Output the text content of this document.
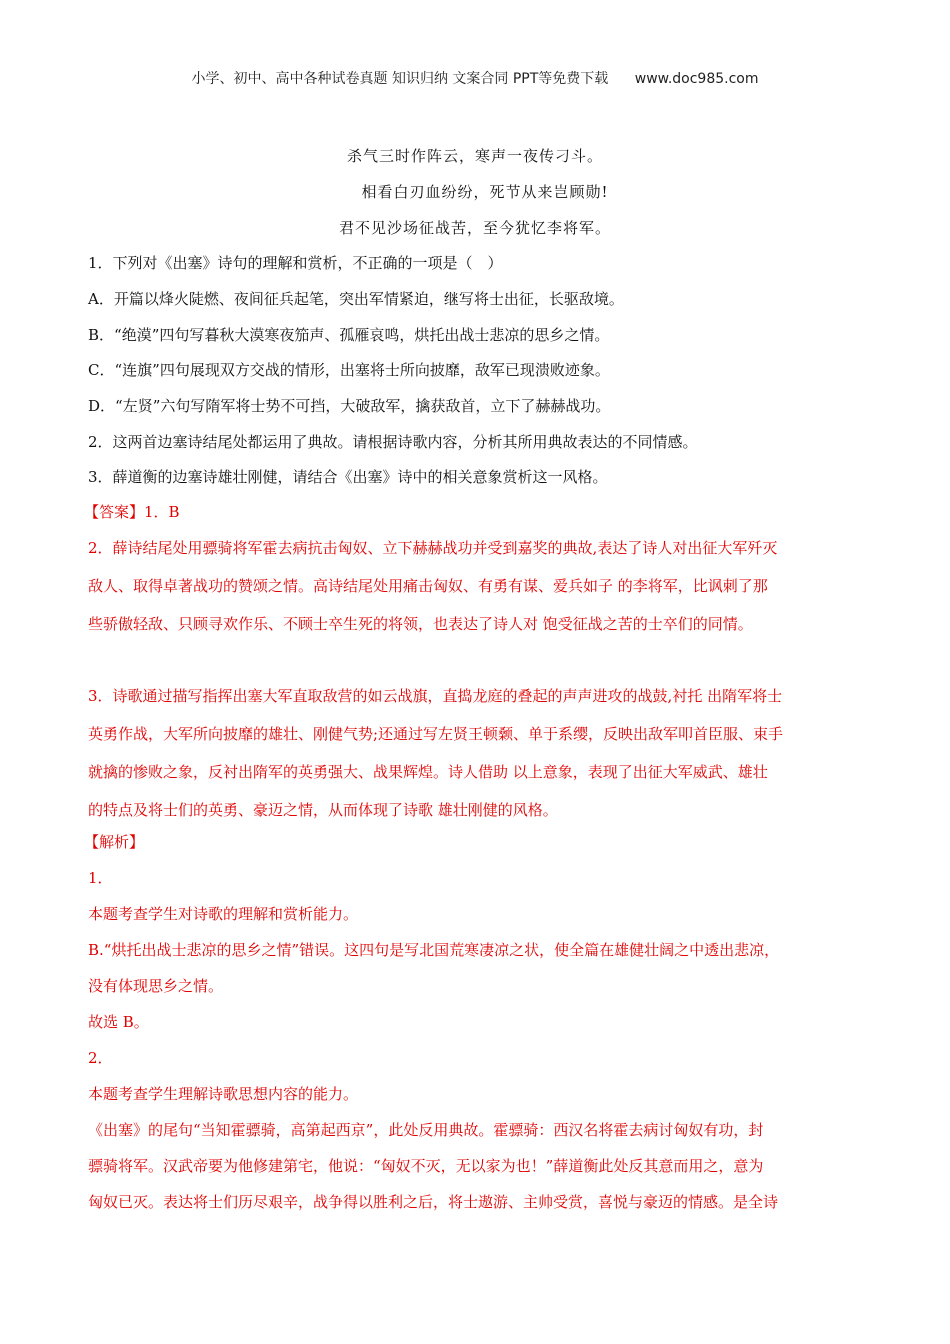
小学、初中、高中各种试卷真题 知识归纳 文案合同 PPT等免费下载 www.doc985.com
杀气三时作阵云，寒声一夜传刁斗。
相看白刃血纷纷，死节从来岂顾勋!
君不见沙场征战苦，至今犹忆李将军。
1．下列对《出塞》诗句的理解和赏析，不正确的一项是（　）
A．开篇以烽火陡燃、夜间征兵起笔，突出军情紧迫，继写将士出征，长驱敌境。
B．“绝漠”四句写暮秋大漠寒夜笳声、孤雁哀鸣，烘托出战士悲凉的思乡之情。
C．“连旗”四句展现双方交战的情形，出塞将士所向披靡，敌军已现溃败迹象。
D．“左贤”六句写隋军将士势不可挡，大破敌军，擒获敌首，立下了赫赫战功。
2．这两首边塞诗结尾处都运用了典故。请根据诗歌内容，分析其所用典故表达的不同情感。
3．薛道衡的边塞诗雄壮刚健，请结合《出塞》诗中的相关意象赏析这一风格。
【答案】1．B
2．薛诗结尾处用骠骑将军霍去病抗击匈奴、立下赫赫战功并受到嘉奖的典故,表达了诗人对出征大军歼灭
敌人、取得卓著战功的赞颂之情。高诗结尾处用痛击匈奴、有勇有谋、爱兵如子 的李将军，比讽刺了那
些骄傲轻敌、只顾寻欢作乐、不顾士卒生死的将领，也表达了诗人对 饱受征战之苦的士卒们的同情。
3．诗歌通过描写指挥出塞大军直取敌营的如云战旗，直捣龙庭的叠起的声声进攻的战鼓,衬托 出隋军将士
英勇作战，大军所向披靡的雄壮、刚健气势;还通过写左贤王顿颡、单于系缨，反映出敌军叩首臣服、束手
就擒的惨败之象，反衬出隋军的英勇强大、战果辉煌。诗人借助 以上意象，表现了出征大军威武、雄壮
的特点及将士们的英勇、豪迈之情，从而体现了诗歌 雄壮刚健的风格。
【解析】
1．
本题考查学生对诗歌的理解和赏析能力。
B.“烘托出战士悲凉的思乡之情”错误。这四句是写北国荒寒凄凉之状，使全篇在雄健壮阔之中透出悲凉，
没有体现思乡之情。
故选 B。
2．
本题考查学生理解诗歌思想内容的能力。
《出塞》的尾句“当知霍骠骑，高第起西京”，此处反用典故。霍骠骑：西汉名将霍去病讨匈奴有功，封
骠骑将军。汉武帝要为他修建第宅，他说：“匈奴不灭，无以家为也！”薛道衡此处反其意而用之，意为
匈奴已灭。表达将士们历尽艰辛，战争得以胜利之后，将士遨游、主帅受赏，喜悦与豪迈的情感。是全诗
